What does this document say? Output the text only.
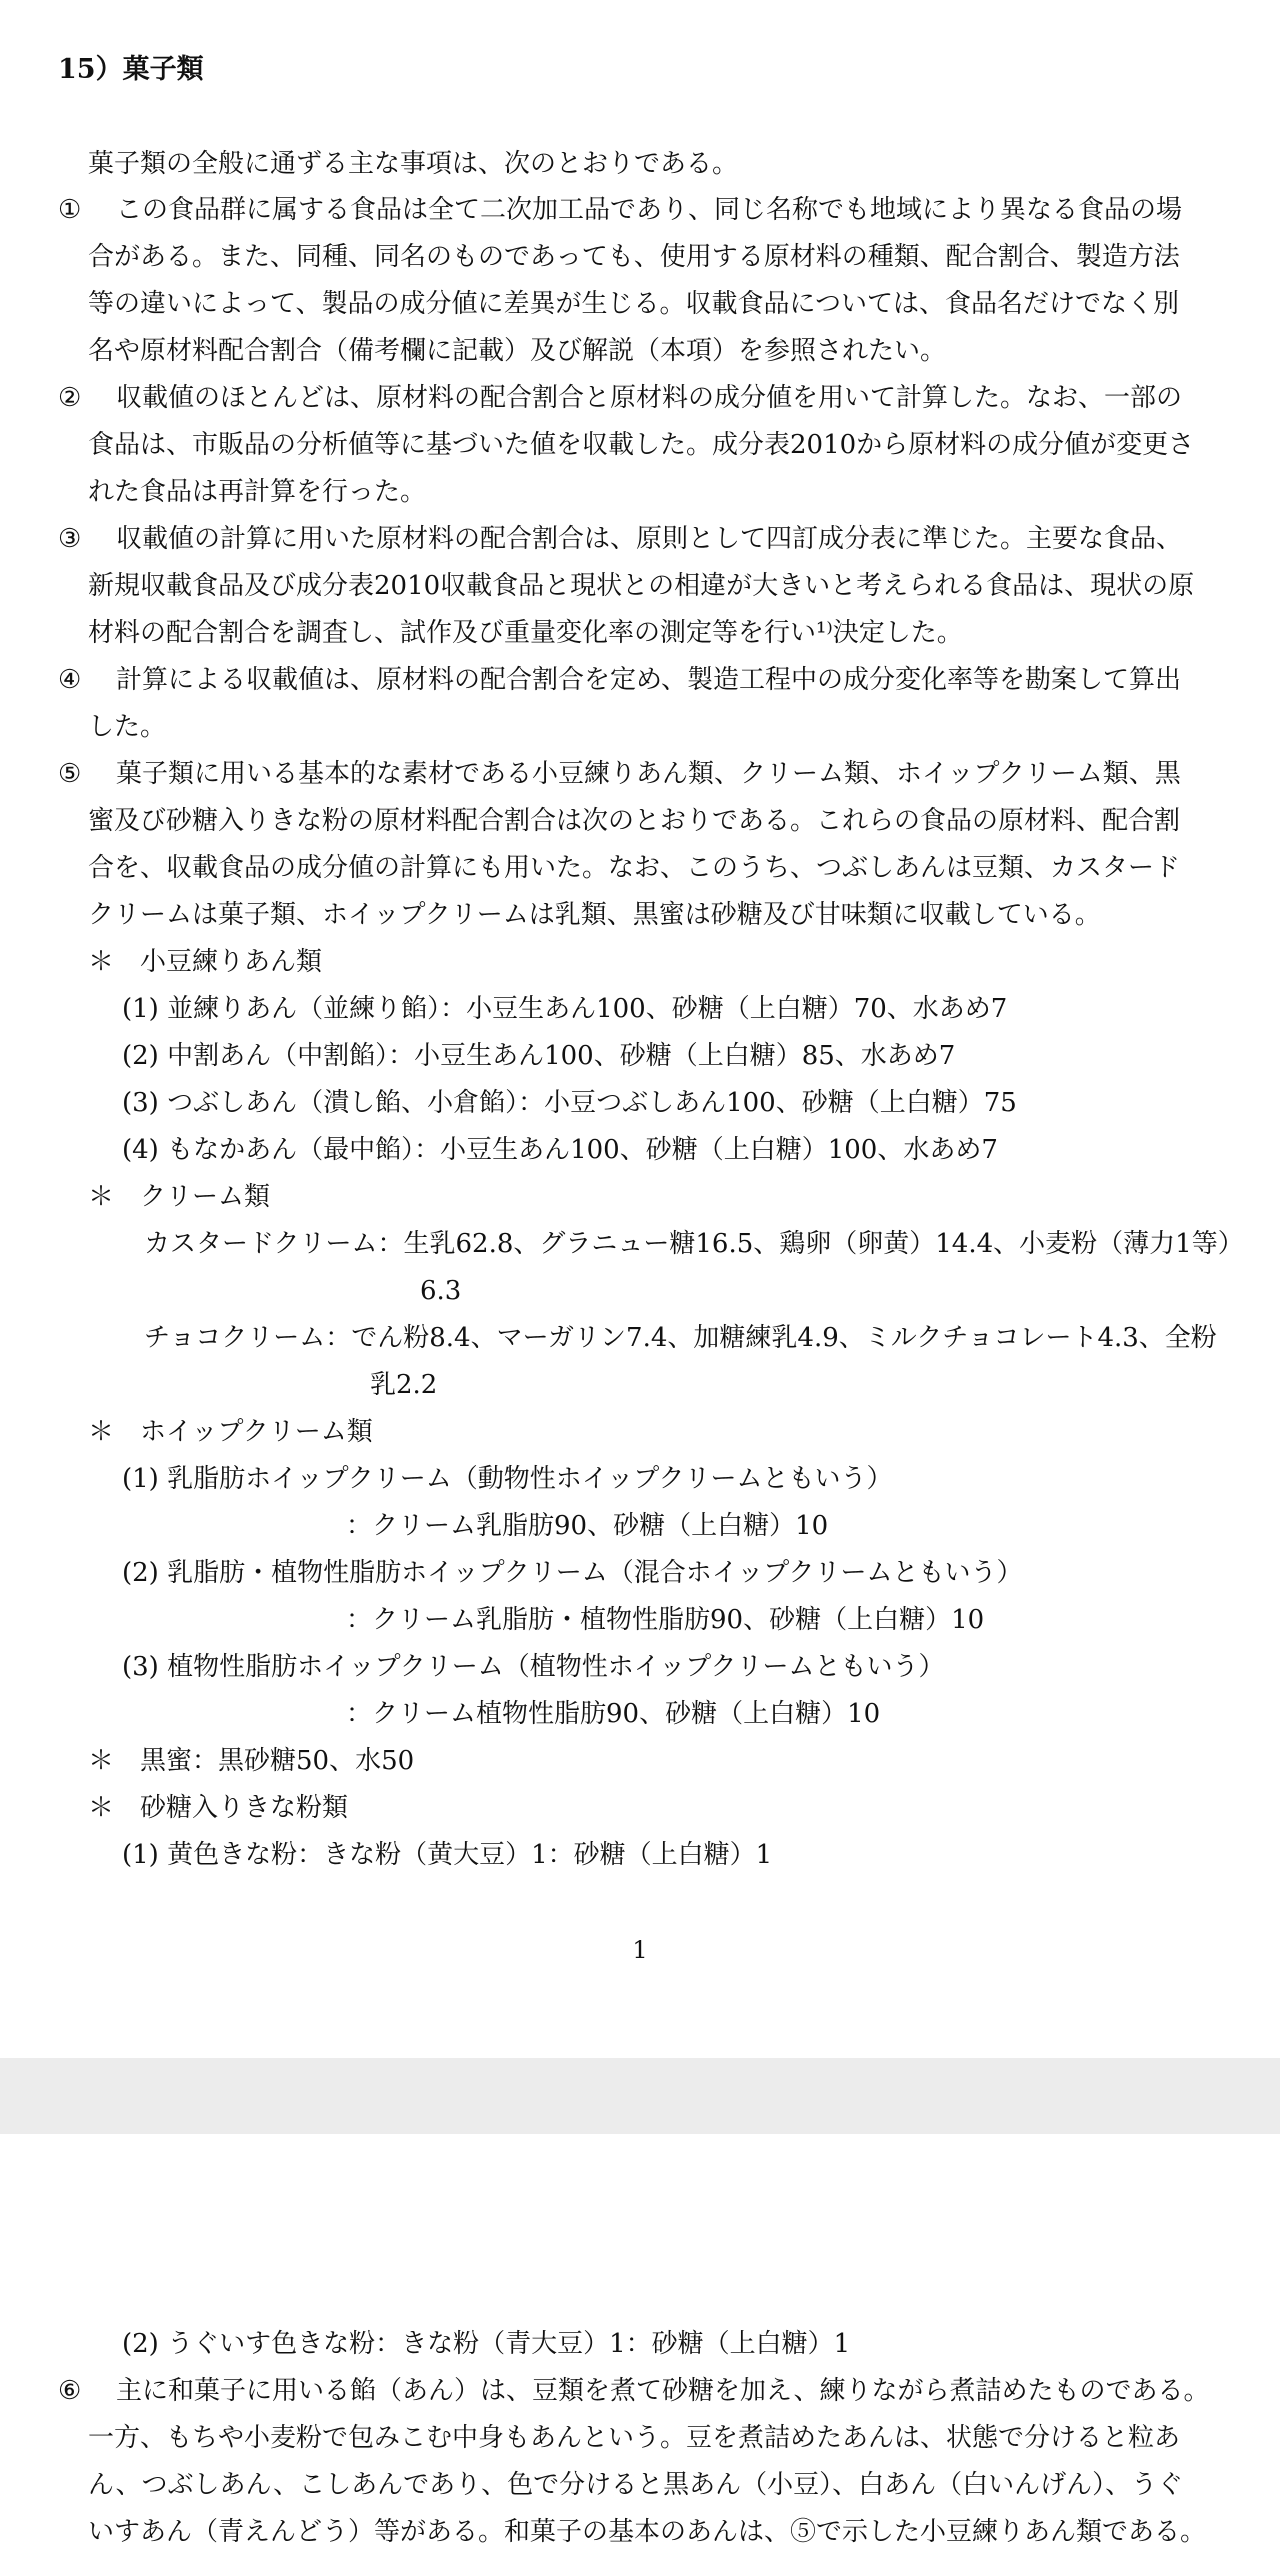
15）菓子類
菓子類の全般に通ずる主な事項は、次のとおりである。
① この食品群に属する食品は全て二次加工品であり、同じ名称でも地域により異なる食品の場
合がある。また、同種、同名のものであっても、使用する原材料の種類、配合割合、製造方法
等の違いによって、製品の成分値に差異が生じる。収載食品については、食品名だけでなく別
名や原材料配合割合（備考欄に記載）及び解説（本項）を参照されたい。
② 収載値のほとんどは、原材料の配合割合と原材料の成分値を用いて計算した。なお、一部の
食品は、市販品の分析値等に基づいた値を収載した。成分表2010から原材料の成分値が変更さ
れた食品は再計算を行った。
③ 収載値の計算に用いた原材料の配合割合は、原則として四訂成分表に準じた。主要な食品、
新規収載食品及び成分表2010収載食品と現状との相違が大きいと考えられる食品は、現状の原
材料の配合割合を調査し、試作及び重量変化率の測定等を行い¹⁾決定した。
④ 計算による収載値は、原材料の配合割合を定め、製造工程中の成分変化率等を勘案して算出
した。
⑤ 菓子類に用いる基本的な素材である小豆練りあん類、クリーム類、ホイップクリーム類、黒
蜜及び砂糖入りきな粉の原材料配合割合は次のとおりである。これらの食品の原材料、配合割
合を、収載食品の成分値の計算にも用いた。なお、このうち、つぶしあんは豆類、カスタード
クリームは菓子類、ホイップクリームは乳類、黒蜜は砂糖及び甘味類に収載している。
＊　小豆練りあん類
(1) 並練りあん（並練り餡）：小豆生あん100、砂糖（上白糖）70、水あめ7
(2) 中割あん（中割餡）：小豆生あん100、砂糖（上白糖）85、水あめ7
(3) つぶしあん（潰し餡、小倉餡）：小豆つぶしあん100、砂糖（上白糖）75
(4) もなかあん（最中餡）：小豆生あん100、砂糖（上白糖）100、水あめ7
＊　クリーム類
カスタードクリーム：生乳62.8、グラニュー糖16.5、鶏卵（卵黄）14.4、小麦粉（薄力1等）
6.3
チョコクリーム：でん粉8.4、マーガリン7.4、加糖練乳4.9、ミルクチョコレート4.3、全粉
乳2.2
＊　ホイップクリーム類
(1) 乳脂肪ホイップクリーム（動物性ホイップクリームともいう）
：クリーム乳脂肪90、砂糖（上白糖）10
(2) 乳脂肪・植物性脂肪ホイップクリーム（混合ホイップクリームともいう）
：クリーム乳脂肪・植物性脂肪90、砂糖（上白糖）10
(3) 植物性脂肪ホイップクリーム（植物性ホイップクリームともいう）
：クリーム植物性脂肪90、砂糖（上白糖）10
＊　黒蜜：黒砂糖50、水50
＊　砂糖入りきな粉類
(1) 黄色きな粉：きな粉（黄大豆）1：砂糖（上白糖）1
1
(2) うぐいす色きな粉：きな粉（青大豆）1：砂糖（上白糖）1
⑥ 主に和菓子に用いる餡（あん）は、豆類を煮て砂糖を加え、練りながら煮詰めたものである。
一方、もちや小麦粉で包みこむ中身もあんという。豆を煮詰めたあんは、状態で分けると粒あ
ん、つぶしあん、こしあんであり、色で分けると黒あん（小豆）、白あん（白いんげん）、うぐ
いすあん（青えんどう）等がある。和菓子の基本のあんは、⑤で示した小豆練りあん類である。
